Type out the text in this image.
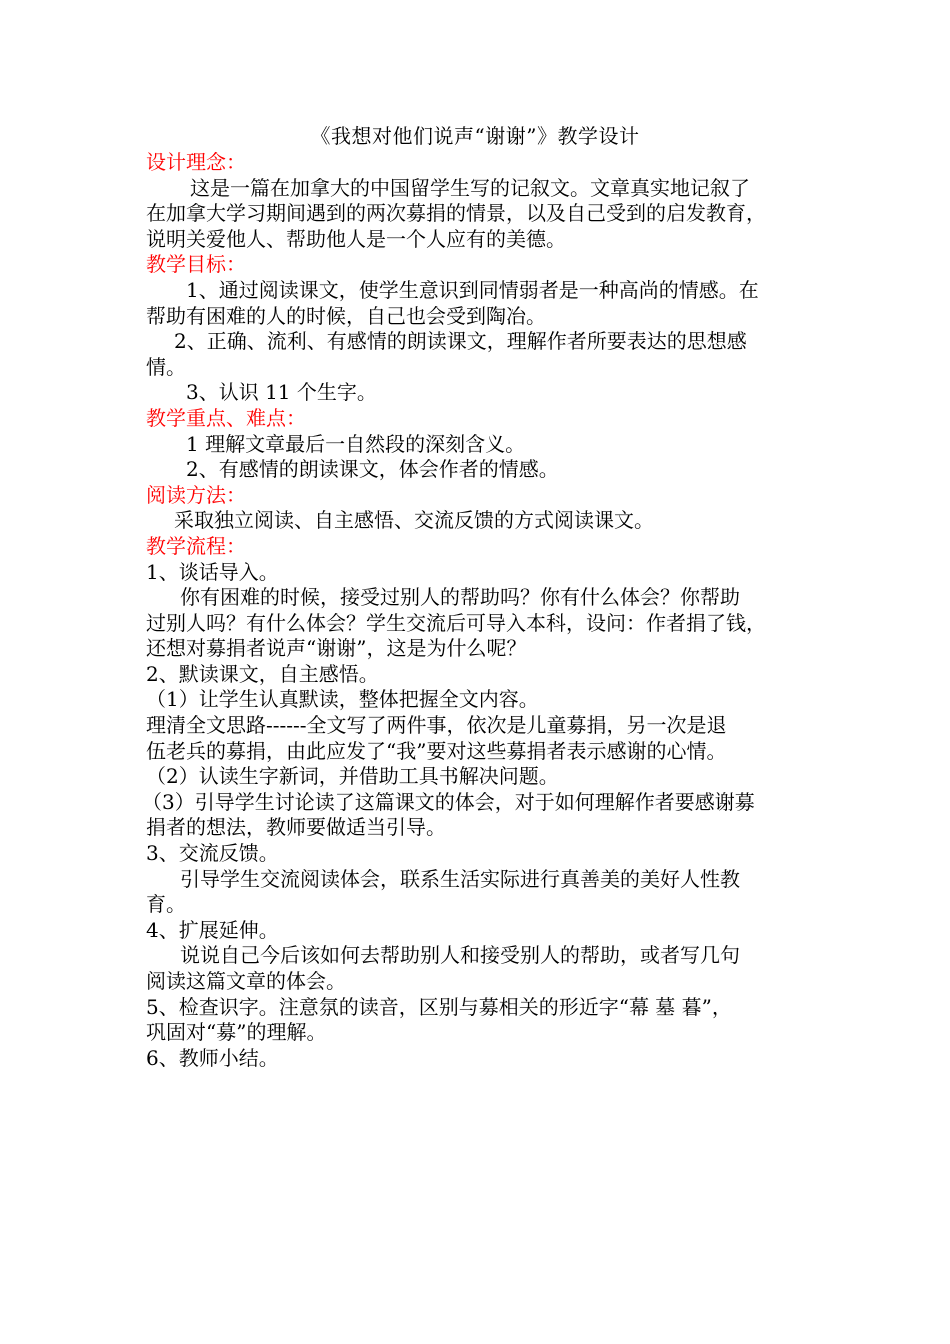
《我想对他们说声“谢谢”》教学设计
设计理念：
这是一篇在加拿大的中国留学生写的记叙文。文章真实地记叙了
在加拿大学习期间遇到的两次募捐的情景，以及自己受到的启发教育，
说明关爱他人、帮助他人是一个人应有的美德。
教学目标：
1、通过阅读课文，使学生意识到同情弱者是一种高尚的情感。在
帮助有困难的人的时候，自己也会受到陶冶。
2、正确、流利、有感情的朗读课文，理解作者所要表达的思想感
情。
3、认识 11 个生字。
教学重点、难点：
1 理解文章最后一自然段的深刻含义。
2、有感情的朗读课文，体会作者的情感。
阅读方法：
采取独立阅读、自主感悟、交流反馈的方式阅读课文。
教学流程：
1、谈话导入。
你有困难的时候，接受过别人的帮助吗？你有什么体会？你帮助
过别人吗？有什么体会？学生交流后可导入本科，设问：作者捐了钱，
还想对募捐者说声“谢谢”，这是为什么呢？
2、默读课文，自主感悟。
（1）让学生认真默读，整体把握全文内容。
理清全文思路------全文写了两件事，依次是儿童募捐，另一次是退
伍老兵的募捐，由此应发了“我”要对这些募捐者表示感谢的心情。
（2）认读生字新词，并借助工具书解决问题。
（3）引导学生讨论读了这篇课文的体会，对于如何理解作者要感谢募
捐者的想法，教师要做适当引导。
3、交流反馈。
引导学生交流阅读体会，联系生活实际进行真善美的美好人性教
育。
4、扩展延伸。
说说自己今后该如何去帮助别人和接受别人的帮助，或者写几句
阅读这篇文章的体会。
5、检查识字。注意氛的读音，区别与募相关的形近字“幕 墓 暮”，
巩固对“募”的理解。
6、教师小结。
